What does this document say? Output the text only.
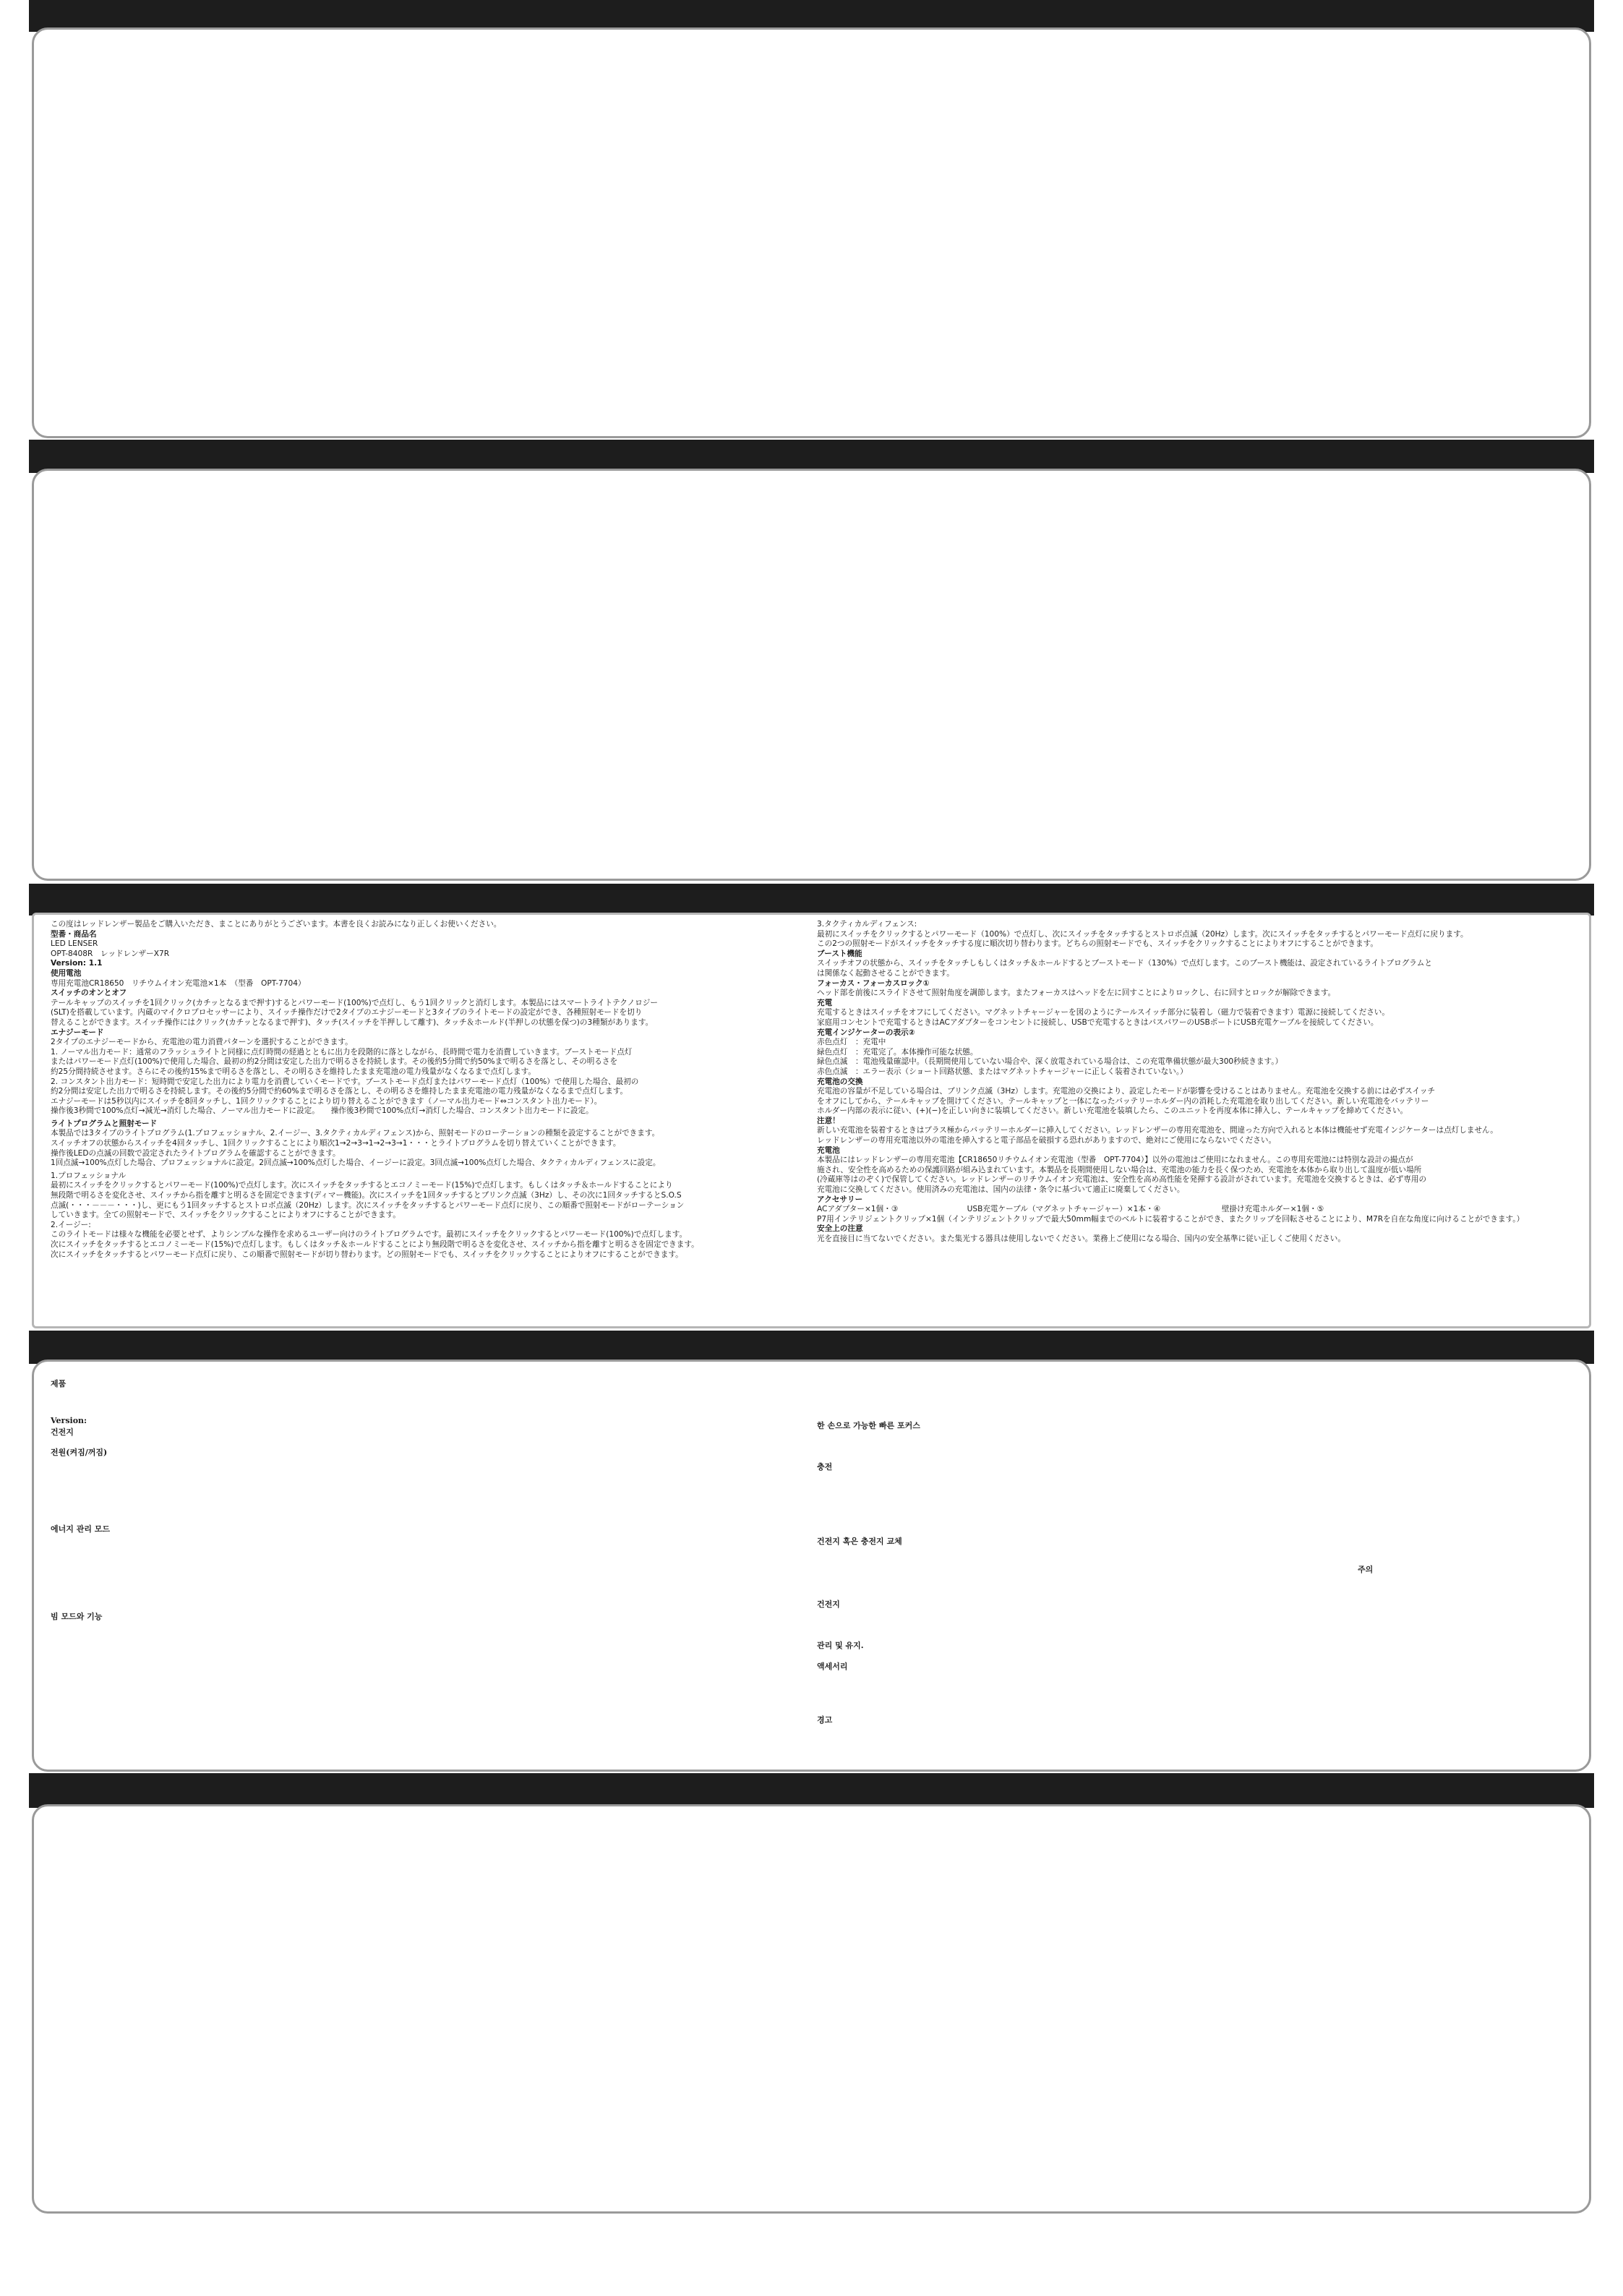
この度はレッドレンザー製品をご購入いただき、まことにありがとうございます。本書を良くお読みになり正しくお使いください。

型番・商品名

LED LENSER

OPT-8408R　レッドレンザーX7R

Version: 1.1

使用電池

専用充電池CR18650　リチウムイオン充電池×1本　（型番　OPT-7704）

スイッチのオンとオフ

テールキャップのスイッチを1回クリック(カチッとなるまで押す)するとパワーモード(100%)で点灯し、もう1回クリックと消灯します。本製品にはスマートライトテクノロジー

(SLT)を搭載しています。内蔵のマイクロプロセッサーにより、スイッチ操作だけで2タイプのエナジーモードと3タイプのライトモードの設定ができ、各種照射モードを切り

替えることができます。スイッチ操作にはクリック(カチッとなるまで押す)、タッチ(スイッチを半押しして離す)、タッチ＆ホールド(半押しの状態を保つ)の3種類があります。

エナジーモード

2タイプのエナジーモードから、充電池の電力消費パターンを選択することができます。

1. ノーマル出力モード：通常のフラッシュライトと同様に点灯時間の経過とともに出力を段階的に落としながら、長時間で電力を消費していきます。ブーストモード点灯

またはパワーモード点灯(100%)で使用した場合、最初の約2分間は安定した出力で明るさを持続します。その後約5分間で約50%まで明るさを落とし、その明るさを

約25分間持続させます。さらにその後約15%まで明るさを落とし、その明るさを維持したまま充電池の電力残量がなくなるまで点灯します。

2. コンスタント出力モード：短時間で安定した出力により電力を消費していくモードです。ブーストモード点灯またはパワーモード点灯（100%）で使用した場合、最初の

約2分間は安定した出力で明るさを持続します。その後約5分間で約60%まで明るさを落とし、その明るさを維持したまま充電池の電力残量がなくなるまで点灯します。

エナジーモードは5秒以内にスイッチを8回タッチし、1回クリックすることにより切り替えることができます（ノーマル出力モード⇔コンスタント出力モード）。

操作後3秒間で100%点灯→減光→消灯した場合、ノーマル出力モードに設定。　　操作後3秒間で100%点灯→消灯した場合、コンスタント出力モードに設定。

ライトプログラムと照射モード

本製品では3タイプのライトプログラム(1.プロフェッショナル、2.イージー、3.タクティカルディフェンス)から、照射モードのローテーションの種類を設定することができます。

スイッチオフの状態からスイッチを4回タッチし、1回クリックすることにより順次1→2→3→1→2→3→1・・・とライトプログラムを切り替えていくことができます。

操作後LEDの点滅の回数で設定されたライトプログラムを確認することができます。

1回点滅→100%点灯した場合、プロフェッショナルに設定。2回点滅→100%点灯した場合、イージーに設定。3回点滅→100%点灯した場合、タクティカルディフェンスに設定。

1.プロフェッショナル

最初にスイッチをクリックするとパワーモード(100%)で点灯します。次にスイッチをタッチするとエコノミーモード(15%)で点灯します。もしくはタッチ＆ホールドすることにより

無段階で明るさを変化させ、スイッチから指を離すと明るさを固定できます(ディマー機能)。次にスイッチを1回タッチするとブリンク点滅（3Hz）し、その次に1回タッチするとS.O.S

点滅(・・・－－－・・・)し、更にもう1回タッチするとストロボ点滅（20Hz）します。次にスイッチをタッチするとパワーモード点灯に戻り、この順番で照射モードがローテーション

していきます。全ての照射モードで、スイッチをクリックすることによりオフにすることができます。

2.イージー:

このライトモードは様々な機能を必要とせず、よりシンプルな操作を求めるユーザー向けのライトプログラムです。最初にスイッチをクリックするとパワーモード(100%)で点灯します。

次にスイッチをタッチするとエコノミーモード(15%)で点灯します。もしくはタッチ＆ホールドすることにより無段階で明るさを変化させ、スイッチから指を離すと明るさを固定できます。

次にスイッチをタッチするとパワーモード点灯に戻り、この順番で照射モードが切り替わります。どの照射モードでも、スイッチをクリックすることによりオフにすることができます。

3.タクティカルディフェンス:

最初にスイッチをクリックするとパワーモード（100%）で点灯し、次にスイッチをタッチするとストロボ点滅（20Hz）します。次にスイッチをタッチするとパワーモード点灯に戻ります。

この2つの照射モードがスイッチをタッチする度に順次切り替わります。どちらの照射モードでも、スイッチをクリックすることによりオフにすることができます。

ブースト機能

スイッチオフの状態から、スイッチをタッチしもしくはタッチ＆ホールドするとブーストモード（130%）で点灯します。このブースト機能は、設定されているライトプログラムと

は関係なく起動させることができます。

フォーカス・フォーカスロック①

ヘッド部を前後にスライドさせて照射角度を調節します。またフォーカスはヘッドを左に回すことによりロックし、右に回すとロックが解除できます。

充電

充電するときはスイッチをオフにしてください。マグネットチャージャーを図のようにテールスイッチ部分に装着し（磁力で装着できます）電源に接続してください。

家庭用コンセントで充電するときはACアダプターをコンセントに接続し、USBで充電するときはパスパワーのUSBポートにUSB充電ケーブルを接続してください。

充電インジケーターの表示②

赤色点灯　：充電中

緑色点灯　：充電完了。本体操作可能な状態。

緑色点滅　：電池残量確認中。（長期間使用していない場合や、深く放電されている場合は、この充電準備状態が最大300秒続きます。）

赤色点滅　：エラー表示（ショート回路状態、またはマグネットチャージャーに正しく装着されていない。）

充電池の交換

充電池の容量が不足している場合は、ブリンク点滅（3Hz）します。充電池の交換により、設定したモードが影響を受けることはありません。充電池を交換する前には必ずスイッチ

をオフにしてから、テールキャップを開けてください。テールキャップと一体になったバッテリーホルダー内の消耗した充電池を取り出してください。新しい充電池をバッテリー

ホルダー内部の表示に従い、(+)(−)を正しい向きに装填してください。新しい充電池を装填したら、このユニットを再度本体に挿入し、テールキャップを締めてください。

注意！

新しい充電池を装着するときはプラス極からバッテリーホルダーに挿入してください。レッドレンザーの専用充電池を、間違った方向で入れると本体は機能せず充電インジケーターは点灯しません。

レッドレンザーの専用充電池以外の電池を挿入すると電子部品を破損する恐れがありますので、絶対にご使用にならないでください。

充電池

本製品にはレッドレンザーの専用充電池【CR18650リチウムイオン充電池（型番　OPT-7704）】以外の電池はご使用になれません。この専用充電池には特別な設計の撮点が

施され、安全性を高めるための保護回路が組み込まれています。本製品を長期間使用しない場合は、充電池の能力を長く保つため、充電池を本体から取り出して温度が低い場所

(冷蔵庫等はのぞく)で保管してください。レッドレンザーのリチウムイオン充電池は、安全性を高め高性能を発揮する設計がされています。充電池を交換するときは、必ず専用の

充電池に交換してください。使用済みの充電池は、国内の法律・条令に基づいて適正に廃棄してください。

アクセサリー

ACアダプター×1個・③　　　　　　　　　USB充電ケーブル（マグネットチャージャー）×1本・④　　　　　　　　壁掛け充電ホルダー×1個・⑤

P7用インテリジェントクリップ×1個（インテリジェントクリップで最大50mm幅までのベルトに装着することができ、またクリップを回転させることにより、M7Rを自在な角度に向けることができます。）

安全上の注意

光を直接目に当てないでください。また集光する器具は使用しないでください。業務上ご使用になる場合、国内の安全基準に従い正しくご使用ください。

제품
Version:
건전지
전원(켜짐/꺼짐)
에너지 관리 모드
빔 모드와 기능
한 손으로 가능한 빠른 포커스
충전
건전지 혹은 충전지 교체
주의
건전지
관리 및 유지.
액세서리
경고
